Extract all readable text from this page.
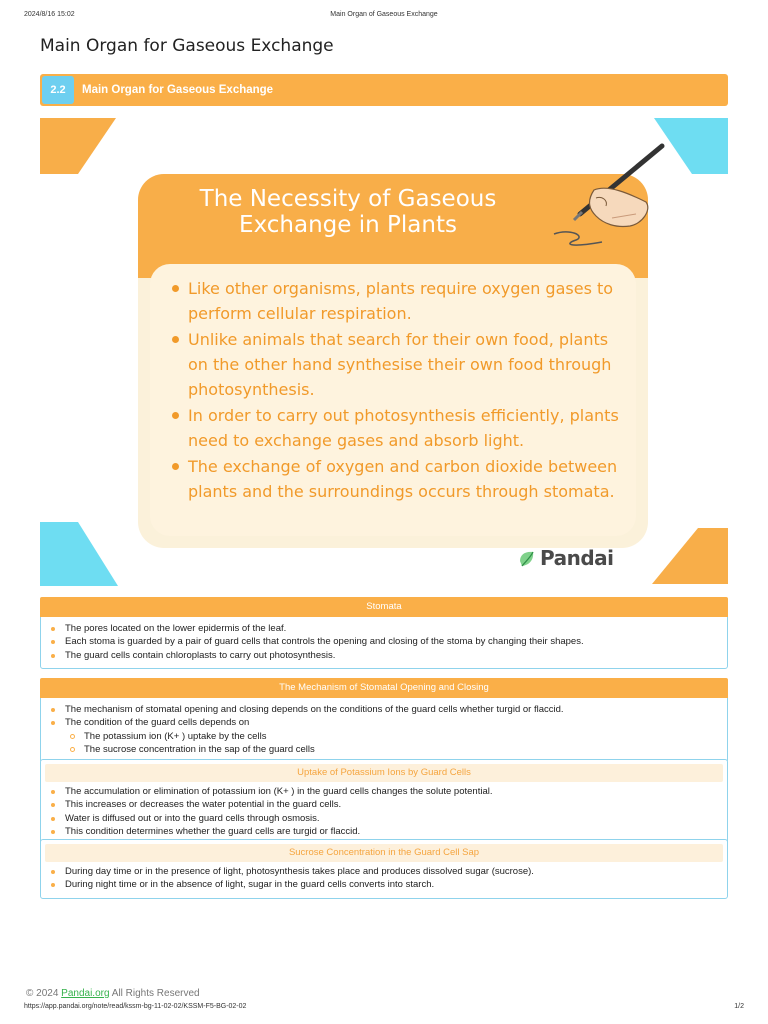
2024/8/16 15:02	Main Organ of Gaseous Exchange
Main Organ for Gaseous Exchange
2.2	Main Organ for Gaseous Exchange
The Necessity of Gaseous
Exchange in Plants
Like other organisms, plants require oxygen gases to perform cellular respiration.
Unlike animals that search for their own food, plants on the other hand synthesise their own food through photosynthesis.
In order to carry out photosynthesis efficiently, plants need to exchange gases and absorb light.
The exchange of oxygen and carbon dioxide between plants and the surroundings occurs through stomata.
Pandai
Stomata
The pores located on the lower epidermis of the leaf.
Each stoma is guarded by a pair of guard cells that controls the opening and closing of the stoma by changing their shapes.
The guard cells contain chloroplasts to carry out photosynthesis.
The Mechanism of Stomatal Opening and Closing
The mechanism of stomatal opening and closing depends on the conditions of the guard cells whether turgid or flaccid.
The condition of the guard cells depends on
The potassium ion (K+ ) uptake by the cells
The sucrose concentration in the sap of the guard cells
Uptake of Potassium Ions by Guard Cells
The accumulation or elimination of potassium ion (K+ ) in the guard cells changes the solute potential.
This increases or decreases the water potential in the guard cells.
Water is diffused out or into the guard cells through osmosis.
This condition determines whether the guard cells are turgid or flaccid.
Sucrose Concentration in the Guard Cell Sap
During day time or in the presence of light, photosynthesis takes place and produces dissolved sugar (sucrose).
During night time or in the absence of light, sugar in the guard cells converts into starch.
© 2024 Pandai.org All Rights Reserved
https://app.pandai.org/note/read/kssm-bg-11-02-02/KSSM-F5-BG-02-02	1/2
